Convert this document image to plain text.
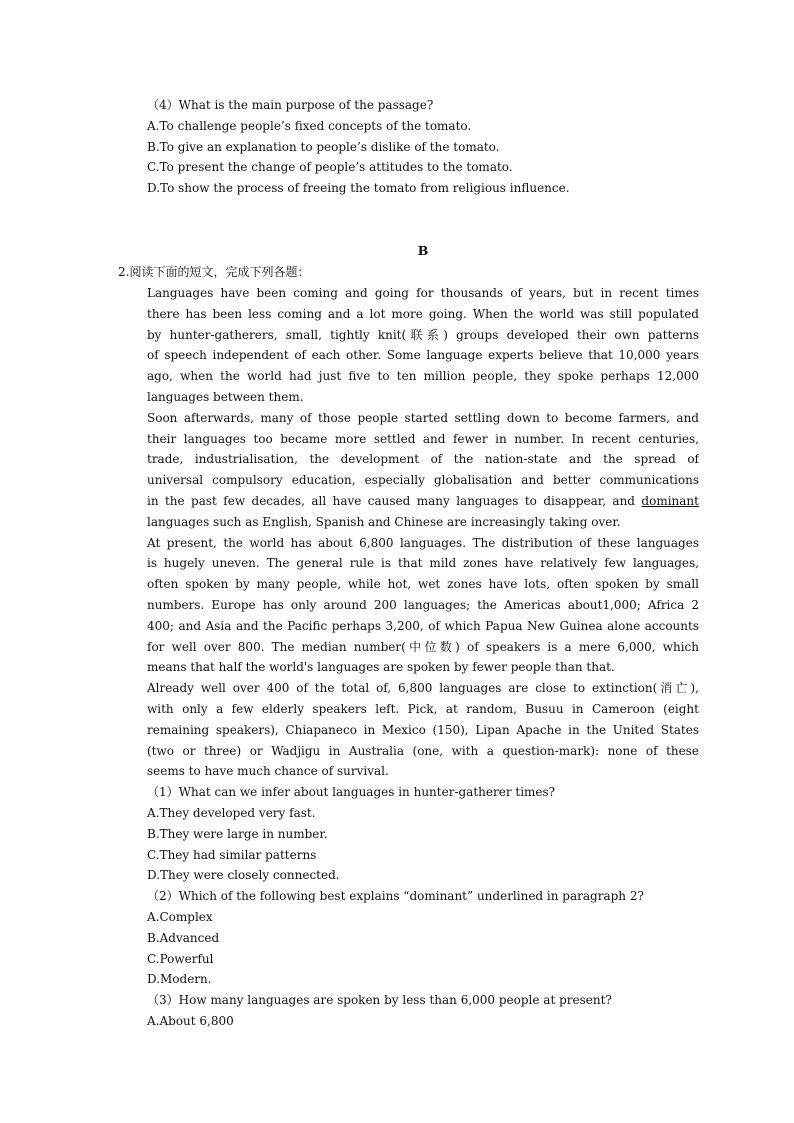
（4）What is the main purpose of the passage?
A.To challenge people’s fixed concepts of the tomato.
B.To give an explanation to people’s dislike of the tomato.
C.To present the change of people’s attitudes to the tomato.
D.To show the process of freeing the tomato from religious influence.
B
2.阅读下面的短文，完成下列各题：
Languages have been coming and going for thousands of years, but in recent times
there has been less coming and a lot more going. When the world was still populated
by hunter-gatherers, small, tightly knit(联系) groups developed their own patterns
of speech independent of each other. Some language experts believe that 10,000 years
ago, when the world had just five to ten million people, they spoke perhaps 12,000
languages between them.
Soon afterwards, many of those people started settling down to become farmers, and
their languages too became more settled and fewer in number. In recent centuries,
trade, industrialisation, the development of the nation-state and the spread of
universal compulsory education, especially globalisation and better communications
in the past few decades, all have caused many languages to disappear, and dominant
languages such as English, Spanish and Chinese are increasingly taking over.
At present, the world has about 6,800 languages. The distribution of these languages
is hugely uneven. The general rule is that mild zones have relatively few languages,
often spoken by many people, while hot, wet zones have lots, often spoken by small
numbers. Europe has only around 200 languages; the Americas about1,000; Africa 2
400; and Asia and the Pacific perhaps 3,200, of which Papua New Guinea alone accounts
for well over 800. The median number(中位数) of speakers is a mere 6,000, which
means that half the world's languages are spoken by fewer people than that.
Already well over 400 of the total of, 6,800 languages are close to extinction(消亡),
with only a few elderly speakers left. Pick, at random, Busuu in Cameroon (eight
remaining speakers), Chiapaneco in Mexico (150), Lipan Apache in the United States
(two or three) or Wadjigu in Australia (one, with a question-mark): none of these
seems to have much chance of survival.
（1）What can we infer about languages in hunter-gatherer times?
A.They developed very fast.
B.They were large in number.
C.They had similar patterns
D.They were closely connected.
（2）Which of the following best explains “dominant” underlined in paragraph 2?
A.Complex
B.Advanced
C.Powerful
D.Modern.
（3）How many languages are spoken by less than 6,000 people at present?
A.About 6,800
